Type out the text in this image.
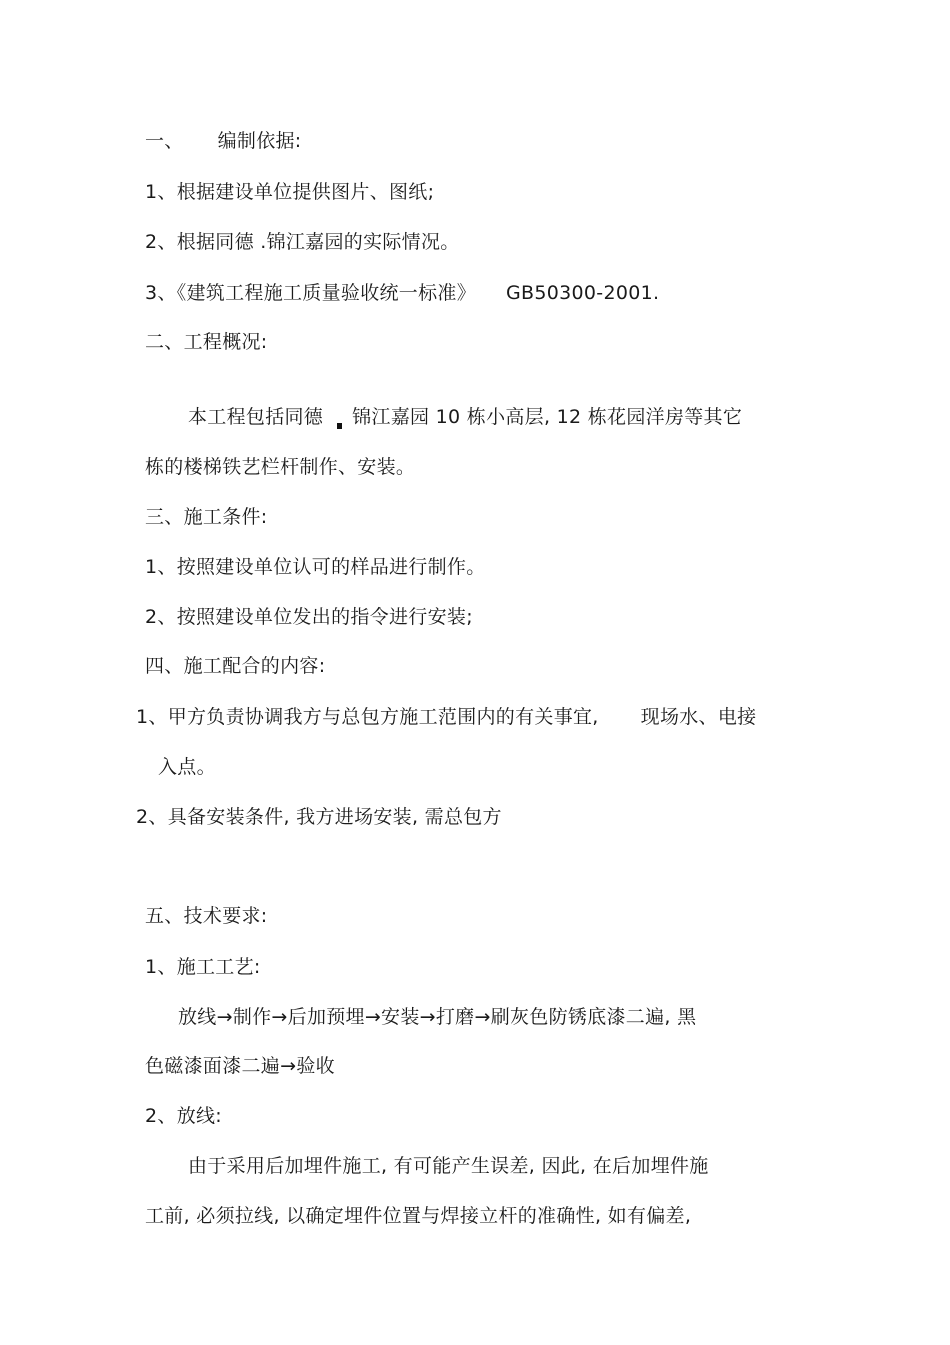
一、 编制依据:
1、根据建设单位提供图片、图纸;
2、根据同德 .锦江嘉园的实际情况。
3、《建筑工程施工质量验收统一标准》 GB50300-2001.
二、工程概况:
本工程包括同德 锦江嘉园 10 栋小高层, 12 栋花园洋房等其它
栋的楼梯铁艺栏杆制作、安装。
三、施工条件:
1、按照建设单位认可的样品进行制作。
2、按照建设单位发出的指令进行安装;
四、施工配合的内容:
1、甲方负责协调我方与总包方施工范围内的有关事宜, 现场水、电接
入点。
2、具备安装条件, 我方进场安装, 需总包方
五、技术要求:
1、施工工艺:
放线→制作→后加预埋→安装→打磨→刷灰色防锈底漆二遍, 黑
色磁漆面漆二遍→验收
2、放线:
由于采用后加埋件施工, 有可能产生误差, 因此, 在后加埋件施
工前, 必须拉线, 以确定埋件位置与焊接立杆的准确性, 如有偏差,
